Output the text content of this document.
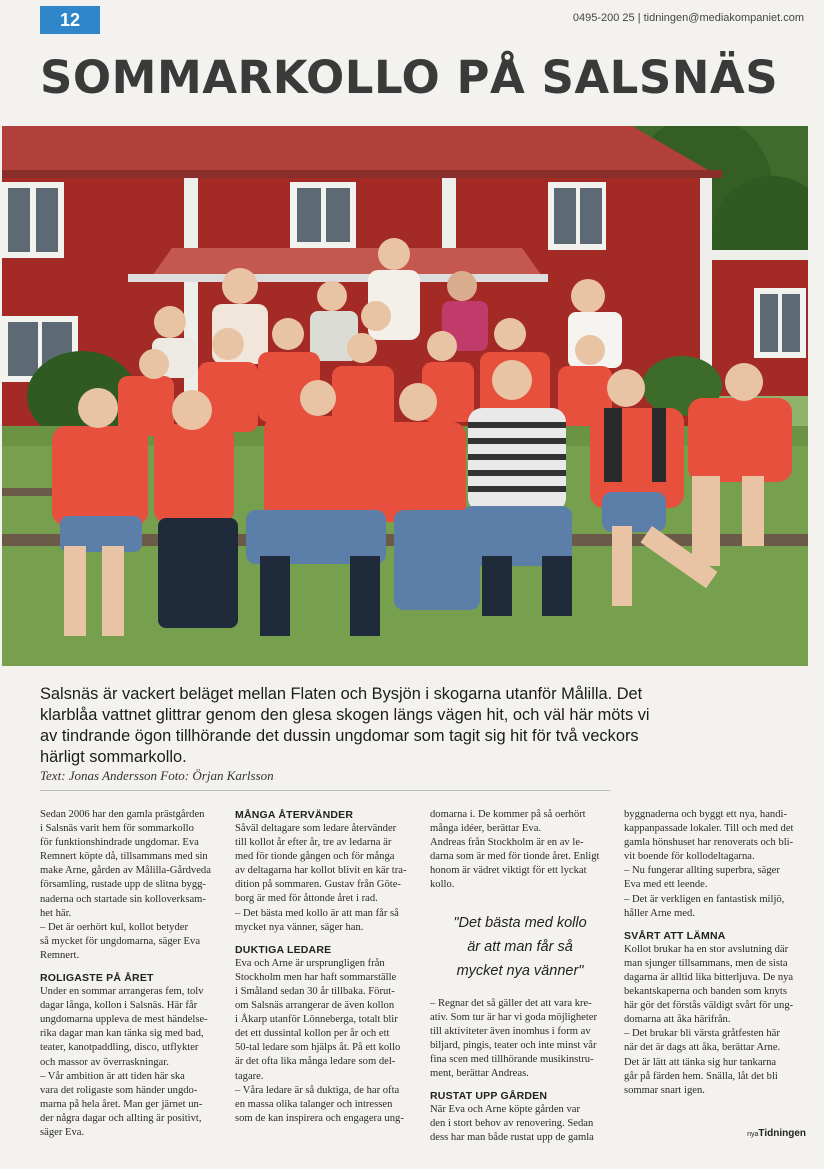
12	0495-200 25 | tidningen@mediakompaniet.com
SOMMARKOLLO PÅ SALSNÄS
Salsnäs är vackert beläget mellan Flaten och Bysjön i skogarna utanför Målilla. Det
klarblåa vattnet glittrar genom den glesa skogen längs vägen hit, och väl här möts vi
av tindrande ögon tillhörande det dussin ungdomar som tagit sig hit för två veckors
härligt sommarkollo.
Text: Jonas Andersson Foto: Örjan Karlsson

Sedan 2006 har den gamla prästgården
i Salsnäs varit hem för sommarkollo
för funktionshindrade ungdomar. Eva
Remnert köpte då, tillsammans med sin
make Arne, gården av Målilla-Gårdveda
församling, rustade upp de slitna bygg-
naderna och startade sin kolloverksam-
het här.

– Det är oerhört kul, kollot betyder
så mycket för ungdomarna, säger Eva
Remnert.

ROLIGASTE PÅ ÅRET

Under en sommar arrangeras fem, tolv
dagar långa, kollon i Salsnäs. Här får
ungdomarna uppleva de mest händelse-
rika dagar man kan tänka sig med bad,
teater, kanotpaddling, disco, utflykter
och massor av överraskningar.

– Vår ambition är att tiden här ska
vara det roligaste som händer ungdo-
marna på hela året. Man ger järnet un-
der några dagar och allting är positivt,
säger Eva.

MÅNGA ÅTERVÄNDER

Såväl deltagare som ledare återvänder
till kollot år efter år, tre av ledarna är
med för tionde gången och för många
av deltagarna har kollot blivit en kär tra-
dition på sommaren. Gustav från Göte-
borg är med för åttonde året i rad.

– Det bästa med kollo är att man får så
mycket nya vänner, säger han.

DUKTIGA LEDARE

Eva och Arne är ursprungligen från
Stockholm men har haft sommarställe
i Småland sedan 30 år tillbaka. Förut-
om Salsnäs arrangerar de även kollon
i Åkarp utanför Lönneberga, totalt blir
det ett dussintal kollon per år och ett
50-tal ledare som hjälps åt. På ett kollo
är det ofta lika många ledare som del-
tagare.

– Våra ledare är så duktiga, de har ofta
en massa olika talanger och intressen
som de kan inspirera och engagera ung-

domarna i. De kommer på så oerhört
många idéer, berättar Eva.

Andreas från Stockholm är en av le-
darna som är med för tionde året. Enligt
honom är vädret viktigt för ett lyckat
kollo.

"Det bästa med kollo
är att man får så
mycket nya vänner"

– Regnar det så gäller det att vara kre-
ativ. Som tur är har vi goda möjligheter
till aktiviteter även inomhus i form av
biljard, pingis, teater och inte minst vår
fina scen med tillhörande musikinstru-
ment, berättar Andreas.

RUSTAT UPP GÅRDEN

När Eva och Arne köpte gården var
den i stort behov av renovering. Sedan
dess har man både rustat upp de gamla

byggnaderna och byggt ett nya, handi-
kappanpassade lokaler. Till och med det
gamla hönshuset har renoverats och bli-
vit boende för kollodeltagarna.

– Nu fungerar allting superbra, säger
Eva med ett leende.

– Det är verkligen en fantastisk miljö,
håller Arne med.

SVÅRT ATT LÄMNA

Kollot brukar ha en stor avslutning där
man sjunger tillsammans, men de sista
dagarna är alltid lika bitterljuva. De nya
bekantskaperna och banden som knyts
här gör det förstås väldigt svårt för ung-
domarna att åka härifrån.

– Det brukar bli värsta gråtfesten här
när det är dags att åka, berättar Arne.

Det är lätt att tänka sig hur tankarna
går på färden hem. Snälla, låt det bli
sommar snart igen.

nyaTidningen
